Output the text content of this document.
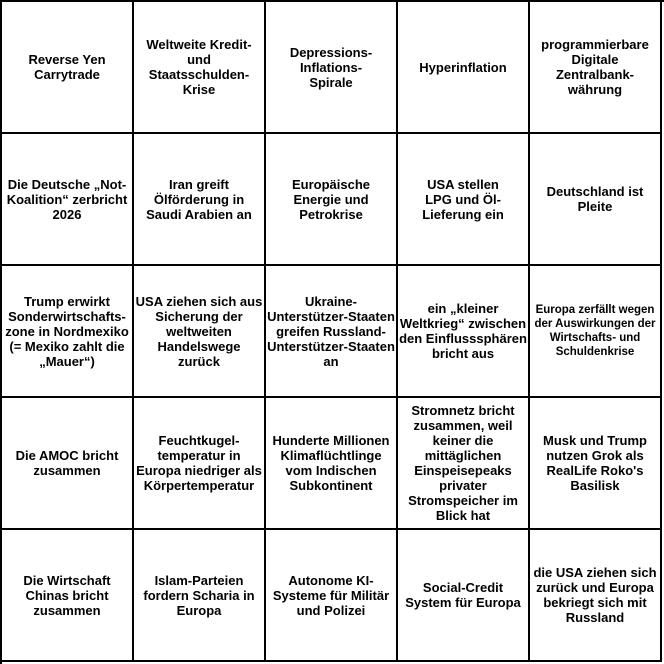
Reverse Yen
Carrytrade
Weltweite Kredit-
und Staatsschulden-
Krise
Depressions-
Inflations-
Spirale
Hyperinflation
programmierbare
Digitale
Zentralbank-
währung
Die Deutsche „Not-
Koalition“ zerbricht
2026
Iran greift
Ölförderung in
Saudi Arabien an
Europäische
Energie und
Petrokrise
USA stellen
LPG und Öl-
Lieferung ein
Deutschland ist
Pleite
Trump erwirkt
Sonderwirtschafts-
zone in Nordmexiko
(= Mexiko zahlt die
„Mauer“)
USA ziehen sich aus
Sicherung der
weltweiten
Handelswege zurück
Ukraine-
Unterstützer-Staaten
greifen Russland-
Unterstützer-Staaten
an
ein „kleiner
Weltkrieg“ zwischen
den Einflusssphären
bricht aus
Europa zerfällt wegen
der Auswirkungen der
Wirtschafts- und
Schuldenkrise
Die AMOC bricht
zusammen
Feuchtkugel-
temperatur in
Europa niedriger als
Körpertemperatur
Hunderte Millionen
Klimaflüchtlinge
vom Indischen
Subkontinent
Stromnetz bricht
zusammen, weil
keiner die
mittäglichen
Einspeisepeaks
privater
Stromspeicher im
Blick hat
Musk und Trump
nutzen Grok als
RealLife Roko's
Basilisk
Die Wirtschaft
Chinas bricht
zusammen
Islam-Parteien
fordern Scharia in
Europa
Autonome KI-
Systeme für Militär
und Polizei
Social-Credit
System für Europa
die USA ziehen sich
zurück und Europa
bekriegt sich mit
Russland
